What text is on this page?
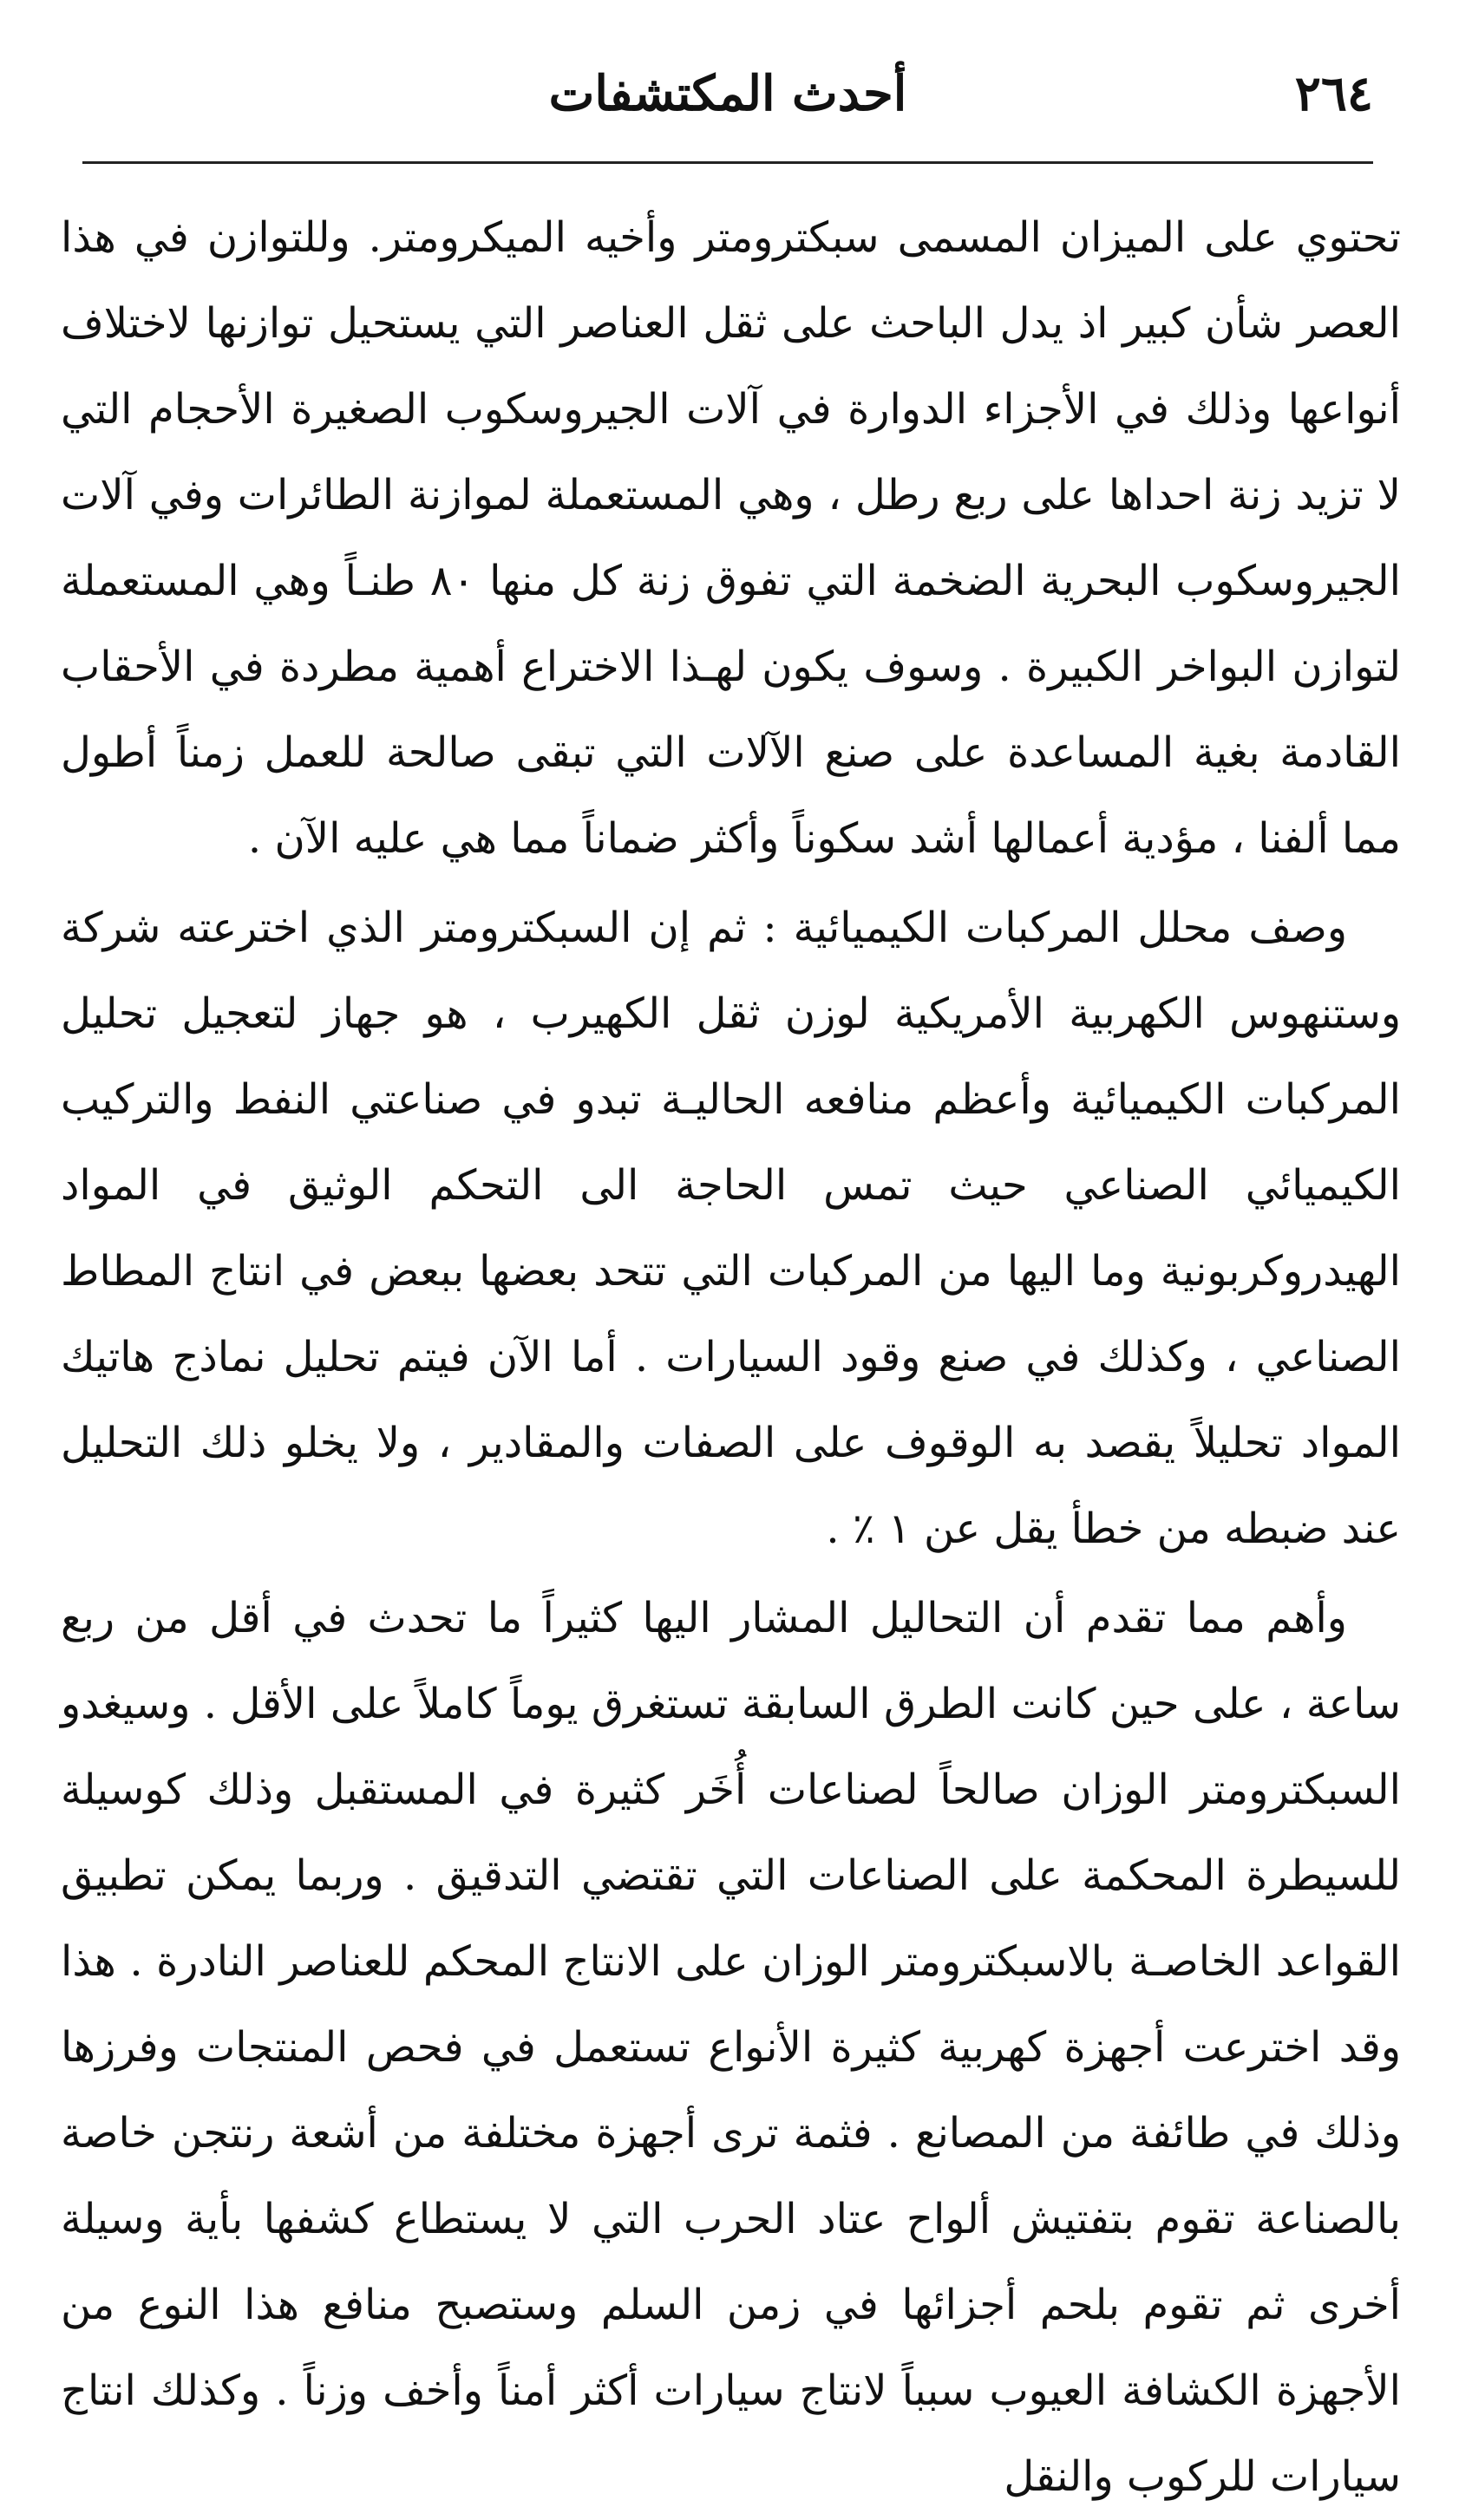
٢٦٤
أحدث المكتشفات

تحتوي على الميزان المسمى سبكترومتر وأخيه الميكرومتر. وللتوازن في هذا العصر شأن كبير اذ يدل الباحث على ثقل العناصر التي يستحيل توازنها لاختلاف أنواعها وذلك في الأجزاء الدوارة في آلات الجيروسكوب الصغيرة الأحجام التي لا تزيد زنة احداها على ربع رطل ، وهي المستعملة لموازنة الطائرات وفي آلات الجيروسكوب البحرية الضخمة التي تفوق زنة كل منها ٨٠ طنـاً وهي المستعملة لتوازن البواخر الكبيرة . وسوف يكون لهـذا الاختراع أهمية مطردة في الأحقاب القادمة بغية المساعدة على صنع الآلات التي تبقى صالحة للعمل زمناً أطول مما ألفنا ، مؤدية أعمالها أشد سكوناً وأكثر ضماناً مما هي عليه الآن .

وصف محلل المركبات الكيميائية : ثم إن السبكترومتر الذي اخترعته شركة وستنهوس الكهربية الأمريكية لوزن ثقل الكهيرب ، هو جهاز لتعجيل تحليل المركبات الكيميائية وأعظم منافعه الحاليـة تبدو في صناعتي النفط والتركيب الكيميائي الصناعي حيث تمس الحاجة الى التحكم الوثيق في المواد الهيدروكربونية وما اليها من المركبات التي تتحد بعضها ببعض في انتاج المطاط الصناعي ، وكذلك في صنع وقود السيارات . أما الآن فيتم تحليل نماذج هاتيك المواد تحليلاً يقصد به الوقوف على الصفات والمقادير ، ولا يخلو ذلك التحليل عند ضبطه من خطأ يقل عن ١ ٪ .

وأهم مما تقدم أن التحاليل المشار اليها كثيراً ما تحدث في أقل من ربع ساعة ، على حين كانت الطرق السابقة تستغرق يوماً كاملاً على الأقل . وسيغدو السبكترومتر الوزان صالحاً لصناعات أُخَر كثيرة في المستقبل وذلك كوسيلة للسيطرة المحكمة على الصناعات التي تقتضي التدقيق . وربما يمكن تطبيق القواعد الخاصـة بالاسبكترومتر الوزان على الانتاج المحكم للعناصر النادرة . هذا وقد اخترعت أجهزة كهربية كثيرة الأنواع تستعمل في فحص المنتجات وفرزها وذلك في طائفة من المصانع . فثمة ترى أجهزة مختلفة من أشعة رنتجن خاصة بالصناعة تقوم بتفتيش ألواح عتاد الحرب التي لا يستطاع كشفها بأية وسيلة أخرى ثم تقوم بلحم أجزائها في زمن السلم وستصبح منافع هذا النوع من الأجهزة الكشافة العيوب سبباً لانتاج سيارات أكثر أمناً وأخف وزناً . وكذلك انتاج سيارات للركوب والنقل
